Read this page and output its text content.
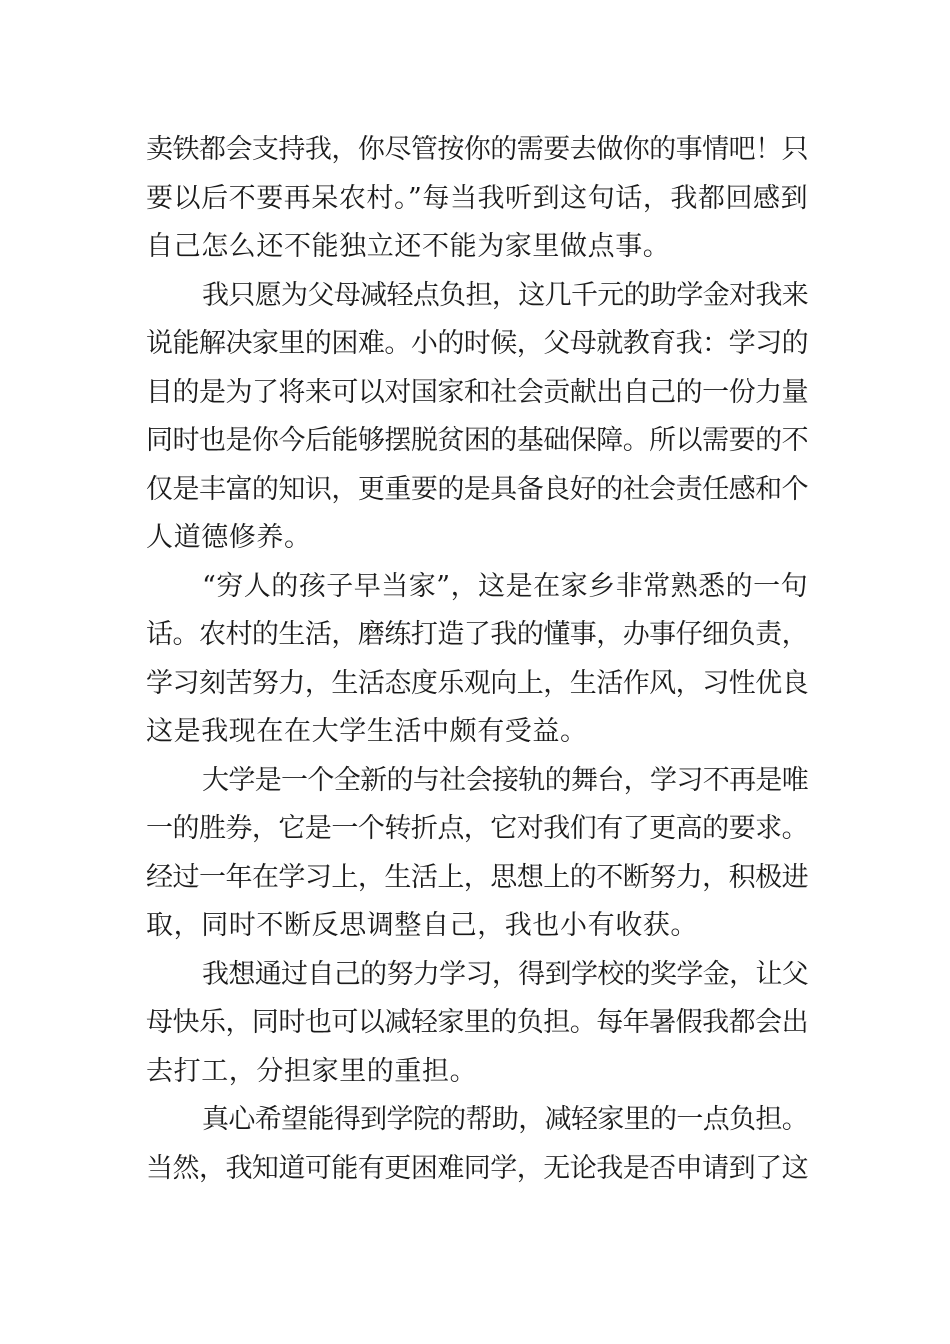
卖铁都会支持我，你尽管按你的需要去做你的事情吧！只
要以后不要再呆农村。”每当我听到这句话，我都回感到
自己怎么还不能独立还不能为家里做点事。
我只愿为父母减轻点负担，这几千元的助学金对我来
说能解决家里的困难。小的时候，父母就教育我：学习的
目的是为了将来可以对国家和社会贡献出自己的一份力量
同时也是你今后能够摆脱贫困的基础保障。所以需要的不
仅是丰富的知识，更重要的是具备良好的社会责任感和个
人道德修养。
“穷人的孩子早当家”，这是在家乡非常熟悉的一句
话。农村的生活，磨练打造了我的懂事，办事仔细负责，
学习刻苦努力，生活态度乐观向上，生活作风，习性优良
这是我现在在大学生活中颇有受益。
大学是一个全新的与社会接轨的舞台，学习不再是唯
一的胜券，它是一个转折点，它对我们有了更高的要求。
经过一年在学习上，生活上，思想上的不断努力，积极进
取，同时不断反思调整自己，我也小有收获。
我想通过自己的努力学习，得到学校的奖学金，让父
母快乐，同时也可以减轻家里的负担。每年暑假我都会出
去打工，分担家里的重担。
真心希望能得到学院的帮助，减轻家里的一点负担。
当然，我知道可能有更困难同学，无论我是否申请到了这
